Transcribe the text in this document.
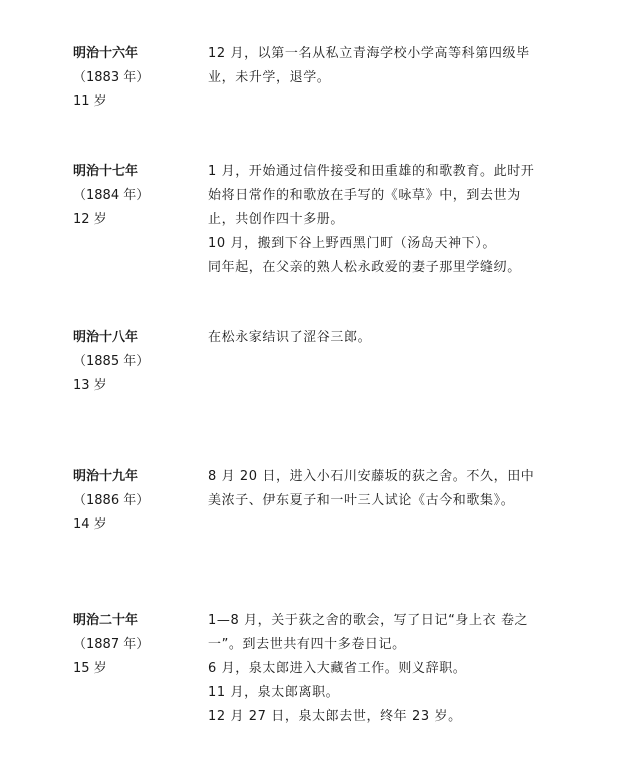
明治十六年
（1883 年）
11 岁

12 月，以第一名从私立青海学校小学高等科第四级毕

业，未升学，退学。

明治十七年
（1884 年）
12 岁

1 月，开始通过信件接受和田重雄的和歌教育。此时开

始将日常作的和歌放在手写的《咏草》中，到去世为

止，共创作四十多册。

10 月，搬到下谷上野西黑门町（汤岛天神下）。

同年起，在父亲的熟人松永政爱的妻子那里学缝纫。

明治十八年
（1885 年）
13 岁

在松永家结识了涩谷三郎。

明治十九年
（1886 年）
14 岁

8 月 20 日，进入小石川安藤坂的荻之舍。不久，田中

美浓子、伊东夏子和一叶三人试论《古今和歌集》。

明治二十年
（1887 年）
15 岁

1—8 月，关于荻之舍的歌会，写了日记“身上衣 卷之

一”。到去世共有四十多卷日记。

6 月，泉太郎进入大藏省工作。则义辞职。

11 月，泉太郎离职。

12 月 27 日，泉太郎去世，终年 23 岁。
